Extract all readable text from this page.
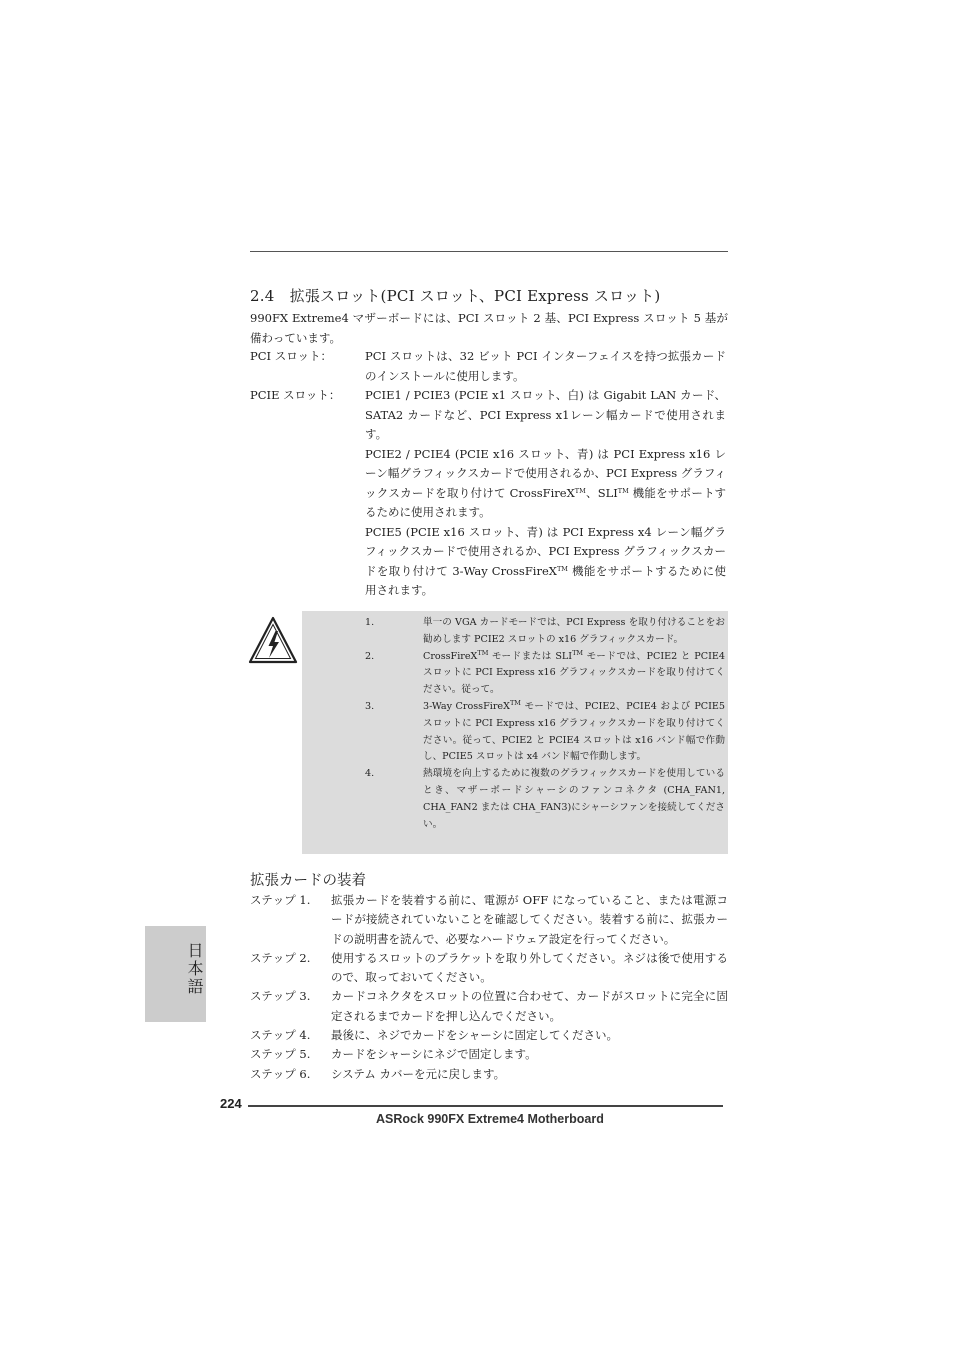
2.4　拡張スロット(PCI スロット、PCI Express スロット)
990FX Extreme4 マザーボードには、PCI スロット 2 基、PCI Express スロット 5 基が備わっています。
PCI スロット：	PCI スロットは、32 ビット PCI インターフェイスを持つ拡張カードのインストールに使用します。
PCIE スロット： PCIE1 / PCIE3 (PCIE x1 スロット、白) は Gigabit LAN カード、SATA2 カードなど、PCI Express x1レーン幅カードで使用されます。

PCIE2 / PCIE4 (PCIE x16 スロット、青) は PCI Express x16 レーン幅グラフィックスカードで使用されるか、PCI Express グラフィックスカードを取り付けて CrossFireX™、SLI™ 機能をサポートするために使用されます。

PCIE5 (PCIE x16 スロット、青) は PCI Express x4 レーン幅グラフィックスカードで使用されるか、PCI Express グラフィックスカードを取り付けて 3-Way CrossFireX™ 機能をサポートするために使用されます。

1.	単一の VGA カードモードでは、PCI Express を取り付けることをお勧めします PCIE2 スロットの x16 グラフィックスカード。
2.	CrossFireX™ モードまたは SLI™ モードでは、PCIE2 と PCIE4 スロットに PCI Express x16 グラフィックスカードを取り付けてください。従って。
3.	3-Way CrossFireX™ モードでは、PCIE2、PCIE4 および PCIE5 スロットに PCI Express x16 グラフィックスカードを取り付けてください。従って、PCIE2 と PCIE4 スロットは x16 バンド幅で作動し、PCIE5 スロットは x4 バンド幅で作動します。
4.	熱環境を向上するために複数のグラフィックスカードを使用しているとき、マザーボードシャーシのファンコネクタ (CHA_FAN1, CHA_FAN2 または CHA_FAN3)にシャーシファンを接続してください。
拡張カードの装着
ステップ 1. 拡張カードを装着する前に、電源が OFF になっていること、または電源コードが接続されていないことを確認してください。装着する前に、拡張カードの説明書を読んで、必要なハードウェア設定を行ってください。
ステップ 2. 使用するスロットのブラケットを取り外してください。ネジは後で使用するので、取っておいてください。
ステップ 3. カードコネクタをスロットの位置に合わせて、カードがスロットに完全に固定されるまでカードを押し込んでください。
ステップ 4. 最後に、ネジでカードをシャーシに固定してください。
ステップ 5. カードをシャーシにネジで固定します。
ステップ 6. システム カバーを元に戻します。
日本語
224
ASRock 990FX Extreme4 Motherboard
